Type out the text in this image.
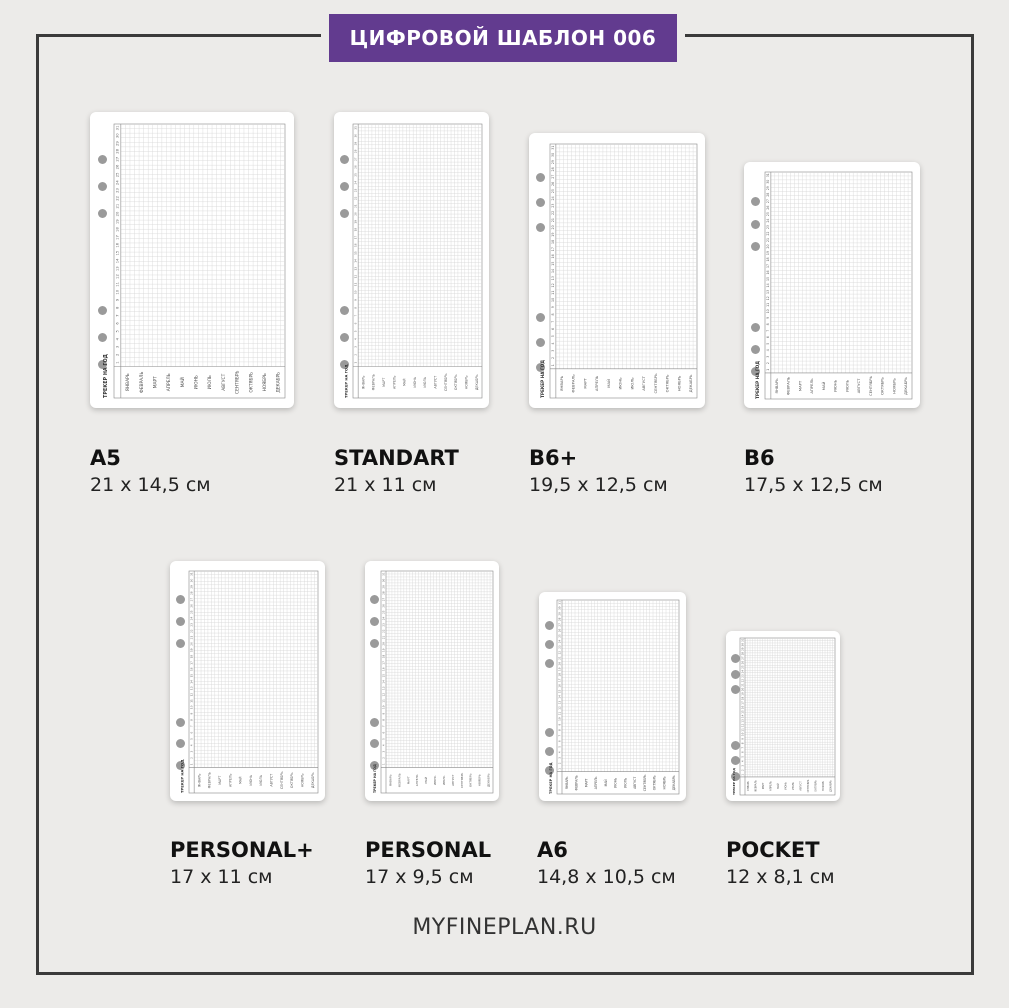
ЦИФРОВОЙ ШАБЛОН 006
31
30
29
28
27
26
25
24
23
22
21
20
19
18
17
16
15
14
13
12
11
10
9
8
7
6
5
4
3
2
1
ЯНВАРЬ ФЕВРАЛЬ МАРТ АПРЕЛЬ	МАЙ ИЮНЬ ИЮЛЬ АВГУСТ СЕНТЯБРЬ ОКТЯБРЬ НОЯБРЬ ДЕКАБРЬ
ТРЕКЕР НА ГОД
31
30
29
28
27
26
25
24
23
22
21
20
19
18
17
16
15
14
13
12
11
10
9
8
7
6
5
4
3
2
1
ЯНВАРЬ ФЕВРАЛЬ МАРТ АПРЕЛЬ	МАЙ ИЮНЬ ИЮЛЬ АВГУСТ СЕНТЯБРЬ ОКТЯБРЬ НОЯБРЬ ДЕКАБРЬ
ТРЕКЕР НА ГОД
31
30
29
28
27
26
25
24
23
22
21
20
19
18
17
16
15
14
13
12
11
10
9
8
7
6
5
4
3
2
1
ЯНВАРЬ ФЕВРАЛЬ МАРТ АПРЕЛЬ МАЙ ИЮНЬ ИЮЛЬ АВГУСТ СЕНТЯБРЬ ОКТЯБРЬ НОЯБРЬ ДЕКАБРЬ
ТРЕКЕР НА ГОД
31
30
29
28
27
26
25
24
23
22
21
20
19
18
17
16
15
14
13
12
11
10
9
8
7
6
5
4
3
2
1
ЯНВАРЬ ФЕВРАЛЬ МАРТ АПРЕЛЬ МАЙ ИЮНЬ ИЮЛЬ АВГУСТ СЕНТЯБРЬ ОКТЯБРЬ НОЯБРЬ ДЕКАБРЬ
ТРЕКЕР НА ГОД
31
30
29
28
27
26
25
24
23
22
21
20
19
18
17
16
15
14
13
12
11
10
9
8
7
6
5
4
3
2
1
ЯНВАРЬ ФЕВРАЛЬ МАРТ АПРЕЛЬ	МАЙ ИЮНЬ ИЮЛЬ АВГУСТ СЕНТЯБРЬ ОКТЯБРЬ НОЯБРЬ ДЕКАБРЬ
ТРЕКЕР НА ГОД
31
30
29
28
27
26
25
24
23
22
21
20
19
18
17
16
15
14
13
12
11
10
9
8
7
6
5
4
3
2
1
ЯНВАРЬ ФЕВРАЛЬ МАРТ АПРЕЛЬ	МАЙ ИЮНЬ ИЮЛЬ АВГУСТ СЕНТЯБРЬ ОКТЯБРЬ НОЯБРЬ ДЕКАБРЬ
ТРЕКЕР НА ГОД
31
30
29
28
27
26
25
24
23
22
21
20
19
18
17
16
15
14
13
12
11
10
9
8
7
6
5
4
3
2
1
ЯНВАРЬ ФЕВРАЛЬ МАРТ АПРЕЛЬ	МАЙ ИЮНЬ ИЮЛЬ АВГУСТ СЕНТЯБРЬ ОКТЯБРЬ НОЯБРЬ ДЕКАБРЬ
ТРЕКЕР НА ГОД
31
30
29
28
27
26
25
24
23
22
21
20
19
18
17
16
15
14
13
12
11
10
9
8
7
6
5
4
3
2
1
ЯНВАРЬ ФЕВРАЛЬ МАРТ АПРЕЛЬ МАЙ ИЮНЬ ИЮЛЬ АВГУСТ СЕНТЯБРЬ ОКТЯБРЬ НОЯБРЬ ДЕКАБРЬ
ТРЕКЕР НА ГОД
A5
21 х 14,5 см
STANDART
21 х 11 см
B6+
19,5 х 12,5 см
B6
17,5 х 12,5 см
PERSONAL+
17 х 11 см
PERSONAL
17 х 9,5 см
A6
14,8 х 10,5 см
POCKET
12 х 8,1 см
MYFINEPLAN.RU
